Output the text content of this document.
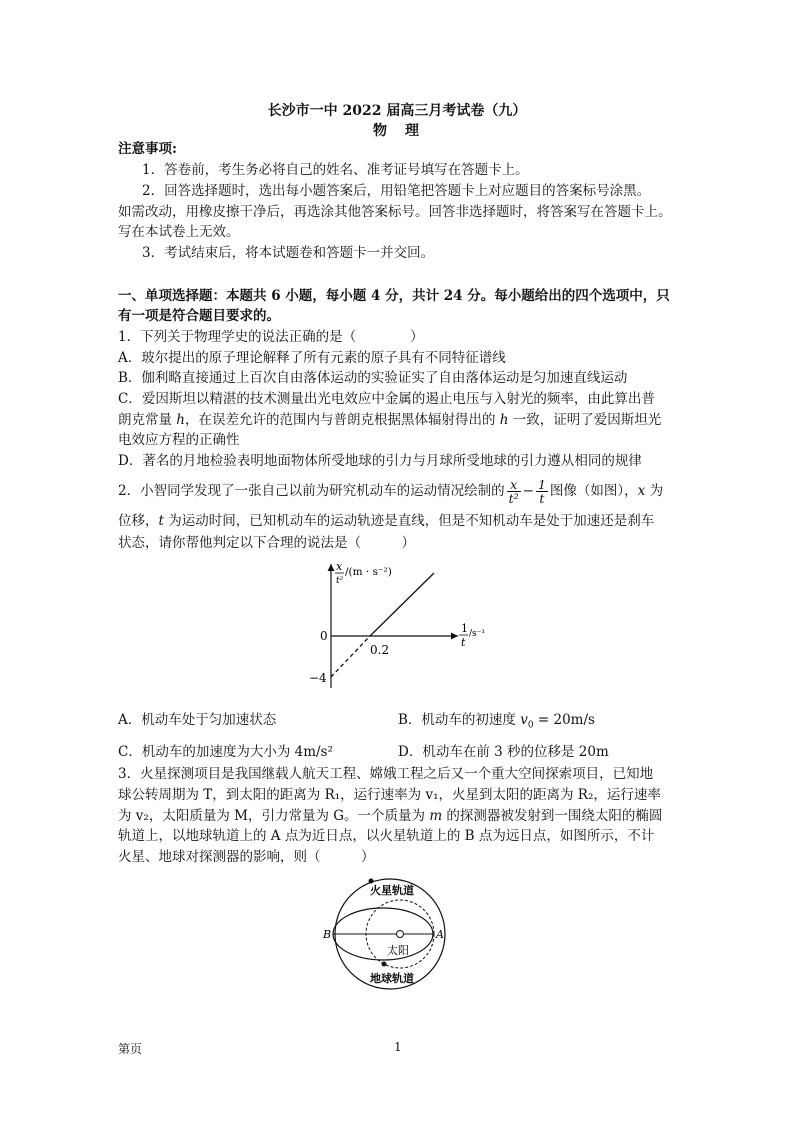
长沙市一中 2022 届高三月考试卷（九）
物　理
注意事项:
1．答卷前，考生务必将自己的姓名、准考证号填写在答题卡上。
2．回答选择题时，选出每小题答案后，用铅笔把答题卡上对应题目的答案标号涂黑。
如需改动，用橡皮擦干净后，再选涂其他答案标号。回答非选择题时，将答案写在答题卡上。
写在本试卷上无效。
3．考试结束后，将本试题卷和答题卡一并交回。
一、单项选择题：本题共 6 小题，每小题 4 分，共计 24 分。每小题给出的四个选项中，只
有一项是符合题目要求的。
1．下列关于物理学史的说法正确的是（　　　　）
A．玻尔提出的原子理论解释了所有元素的原子具有不同特征谱线
B．伽利略直接通过上百次自由落体运动的实验证实了自由落体运动是匀加速直线运动
C．爱因斯坦以精湛的技术测量出光电效应中金属的遏止电压与入射光的频率，由此算出普
朗克常量 h，在误差允许的范围内与普朗克根据黑体辐射得出的 h 一致，证明了爱因斯坦光
电效应方程的正确性
D．著名的月地检验表明地面物体所受地球的引力与月球所受地球的引力遵从相同的规律
2．小智同学发现了一张自己以前为研究机动车的运动情况绘制的 $\frac{x}{\text{t²}} - \frac{1}{t}$ 图像（如图），x 为
位移，t 为运动时间，已知机动车的运动轨迹是直线，但是不知机动车是处于加速还是刹车
状态，请你帮他判定以下合理的说法是（　　　）
x
t²
/(m · s⁻²)
1
t
/s⁻¹
0
0.2
−4
A．机动车处于匀加速状态	B．机动车的初速度 $v_0 = 20m/s$
C．机动车的加速度为大小为 4m/s²	D．机动车在前 3 秒的位移是 20m
3．火星探测项目是我国继载人航天工程、嫦娥工程之后又一个重大空间探索项目，已知地
球公转周期为 T，到太阳的距离为 R₁，运行速率为 v₁，火星到太阳的距离为 R₂，运行速率
为 v₂，太阳质量为 M，引力常量为 G。一个质量为 m 的探测器被发射到一围绕太阳的椭圆
轨道上，以地球轨道上的 A 点为近日点，以火星轨道上的 B 点为远日点，如图所示，不计
火星、地球对探测器的影响，则（　　　）
火星轨道
地球轨道
太阳
A
B
第页	1
